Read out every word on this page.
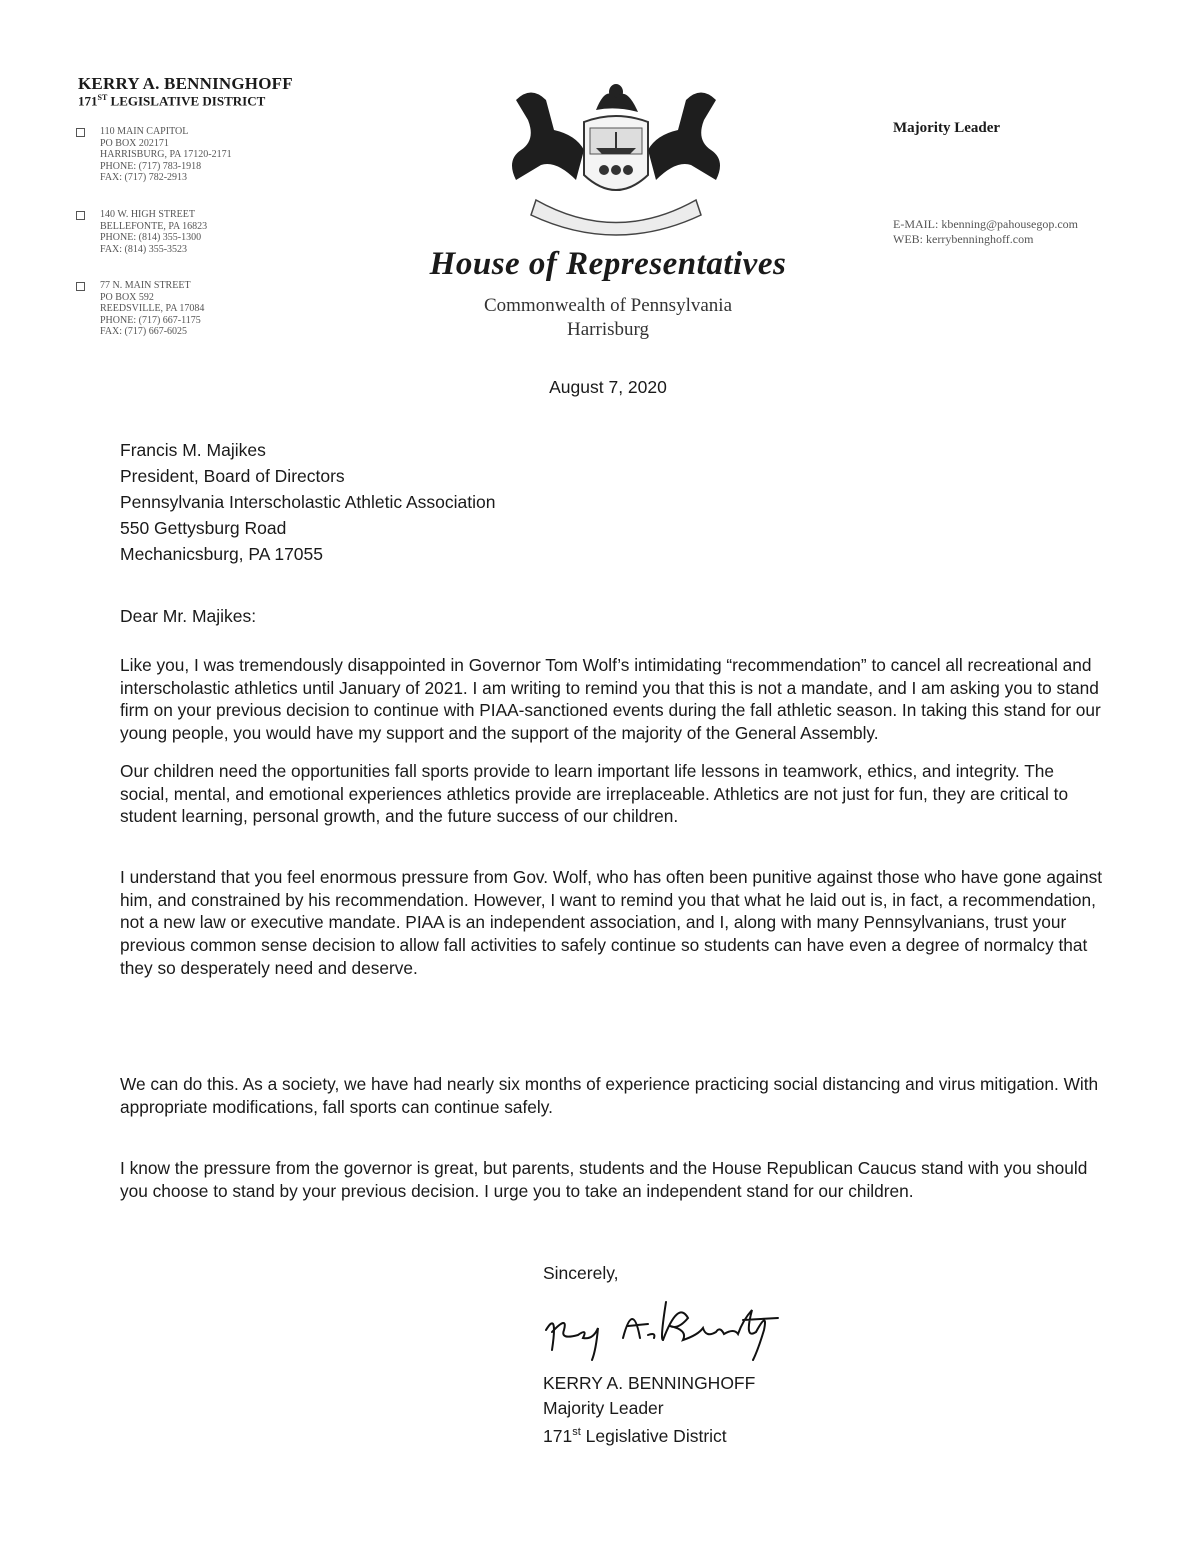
KERRY A. BENNINGHOFF
171ST LEGISLATIVE DISTRICT
110 MAIN CAPITOL
PO BOX 202171
HARRISBURG, PA 17120-2171
PHONE: (717) 783-1918
FAX: (717) 782-2913
140 W. HIGH STREET
BELLEFONTE, PA 16823
PHONE: (814) 355-1300
FAX: (814) 355-3523
77 N. MAIN STREET
PO BOX 592
REEDSVILLE, PA 17084
PHONE: (717) 667-1175
FAX: (717) 667-6025
Majority Leader
E-MAIL: kbenning@pahousegop.com
WEB: kerrybenninghoff.com
House of Representatives
Commonwealth of Pennsylvania
Harrisburg
August 7, 2020
Francis M. Majikes
President, Board of Directors
Pennsylvania Interscholastic Athletic Association
550 Gettysburg Road
Mechanicsburg, PA 17055
Dear Mr. Majikes:
Like you, I was tremendously disappointed in Governor Tom Wolf’s intimidating “recommendation” to cancel all recreational and interscholastic athletics until January of 2021. I am writing to remind you that this is not a mandate, and I am asking you to stand firm on your previous decision to continue with PIAA-sanctioned events during the fall athletic season. In taking this stand for our young people, you would have my support and the support of the majority of the General Assembly.
Our children need the opportunities fall sports provide to learn important life lessons in teamwork, ethics, and integrity. The social, mental, and emotional experiences athletics provide are irreplaceable. Athletics are not just for fun, they are critical to student learning, personal growth, and the future success of our children.
I understand that you feel enormous pressure from Gov. Wolf, who has often been punitive against those who have gone against him, and constrained by his recommendation. However, I want to remind you that what he laid out is, in fact, a recommendation, not a new law or executive mandate. PIAA is an independent association, and I, along with many Pennsylvanians, trust your previous common sense decision to allow fall activities to safely continue so students can have even a degree of normalcy that they so desperately need and deserve.
We can do this. As a society, we have had nearly six months of experience practicing social distancing and virus mitigation. With appropriate modifications, fall sports can continue safely.
I know the pressure from the governor is great, but parents, students and the House Republican Caucus stand with you should you choose to stand by your previous decision. I urge you to take an independent stand for our children.
Sincerely,
KERRY A. BENNINGHOFF
Majority Leader
171st Legislative District
